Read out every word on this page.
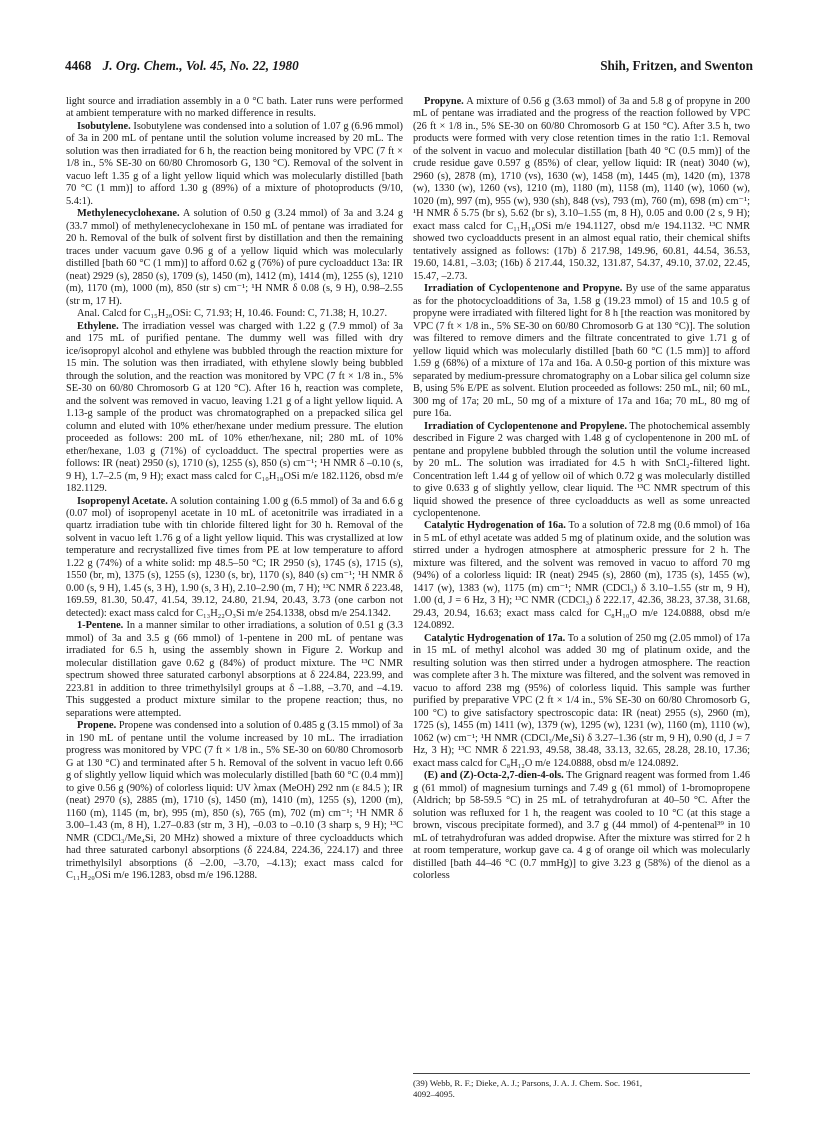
4468 J. Org. Chem., Vol. 45, No. 22, 1980	Shih, Fritzen, and Swenton

light source and irradiation assembly in a 0 °C bath. Later runs were performed at ambient temperature with no marked difference in results.

Isobutylene. Isobutylene was condensed into a solution of 1.07 g (6.96 mmol) of 3a in 200 mL of pentane until the solution volume increased by 20 mL. The solution was then irradiated for 6 h, the reaction being monitored by VPC (7 ft × 1/8 in., 5% SE-30 on 60/80 Chromosorb G, 130 °C). Removal of the solvent in vacuo left 1.35 g of a light yellow liquid which was molecularly distilled [bath 70 °C (1 mm)] to afford 1.30 g (89%) of a mixture of photoproducts (9/10, 5.4:1).

Methylenecyclohexane. A solution of 0.50 g (3.24 mmol) of 3a and 3.24 g (33.7 mmol) of methylenecyclohexane in 150 mL of pentane was irradiated for 20 h. Removal of the bulk of solvent first by distillation and then the remaining traces under vacuum gave 0.96 g of a yellow liquid which was molecularly distilled [bath 60 °C (1 mm)] to afford 0.62 g (76%) of pure cycloadduct 13a: IR (neat) 2929 (s), 2850 (s), 1709 (s), 1450 (m), 1412 (m), 1414 (m), 1255 (s), 1210 (m), 1170 (m), 1000 (m), 850 (str s) cm⁻¹; ¹H NMR δ 0.08 (s, 9 H), 0.98–2.55 (str m, 17 H).

Anal. Calcd for C₁₅H₂₆OSi: C, 71.93; H, 10.46. Found: C, 71.38; H, 10.27.

Ethylene. The irradiation vessel was charged with 1.22 g (7.9 mmol) of 3a and 175 mL of purified pentane. The dummy well was filled with dry ice/isopropyl alcohol and ethylene was bubbled through the reaction mixture for 15 min. The solution was then irradiated, with ethylene slowly being bubbled through the solution, and the reaction was monitored by VPC (7 ft × 1/8 in., 5% SE-30 on 60/80 Chromosorb G at 120 °C). After 16 h, reaction was complete, and the solvent was removed in vacuo, leaving 1.21 g of a light yellow liquid. A 1.13-g sample of the product was chromatographed on a prepacked silica gel column and eluted with 10% ether/hexane under medium pressure. The elution proceeded as follows: 200 mL of 10% ether/hexane, nil; 280 mL of 10% ether/hexane, 1.03 g (71%) of cycloadduct. The spectral properties were as follows: IR (neat) 2950 (s), 1710 (s), 1255 (s), 850 (s) cm⁻¹; ¹H NMR δ –0.10 (s, 9 H), 1.7–2.5 (m, 9 H); exact mass calcd for C₁₀H₁₈OSi m/e 182.1126, obsd m/e 182.1129.

Isopropenyl Acetate. A solution containing 1.00 g (6.5 mmol) of 3a and 6.6 g (0.07 mol) of isopropenyl acetate in 10 mL of acetonitrile was irradiated in a quartz irradiation tube with tin chloride filtered light for 30 h. Removal of the solvent in vacuo left 1.76 g of a light yellow liquid. This was crystallized at low temperature and recrystallized five times from PE at low temperature to afford 1.22 g (74%) of a white solid: mp 48.5–50 °C; IR 2950 (s), 1745 (s), 1715 (s), 1550 (br, m), 1375 (s), 1255 (s), 1230 (s, br), 1170 (s), 840 (s) cm⁻¹; ¹H NMR δ 0.00 (s, 9 H), 1.45 (s, 3 H), 1.90 (s, 3 H), 2.10–2.90 (m, 7 H); ¹³C NMR δ 223.48, 169.59, 81.30, 50.47, 41.54, 39.12, 24.80, 21.94, 20.43, 3.73 (one carbon not detected): exact mass calcd for C₁₃H₂₂O₃Si m/e 254.1338, obsd m/e 254.1342.

1-Pentene. In a manner similar to other irradiations, a solution of 0.51 g (3.3 mmol) of 3a and 3.5 g (66 mmol) of 1-pentene in 200 mL of pentane was irradiated for 6.5 h, using the assembly shown in Figure 2. Workup and molecular distillation gave 0.62 g (84%) of product mixture. The ¹³C NMR spectrum showed three saturated carbonyl absorptions at δ 224.84, 223.99, and 223.81 in addition to three trimethylsilyl groups at δ –1.88, –3.70, and –4.19. This suggested a product mixture similar to the propene reaction; thus, no separations were attempted.

Propene. Propene was condensed into a solution of 0.485 g (3.15 mmol) of 3a in 190 mL of pentane until the volume increased by 10 mL. The irradiation progress was monitored by VPC (7 ft × 1/8 in., 5% SE-30 on 60/80 Chromosorb G at 130 °C) and terminated after 5 h. Removal of the solvent in vacuo left 0.66 g of slightly yellow liquid which was molecularly distilled [bath 60 °C (0.4 mm)] to give 0.56 g (90%) of colorless liquid: UV λmax (MeOH) 292 nm (ε 84.5 ); IR (neat) 2970 (s), 2885 (m), 1710 (s), 1450 (m), 1410 (m), 1255 (s), 1200 (m), 1160 (m), 1145 (m, br), 995 (m), 850 (s), 765 (m), 702 (m) cm⁻¹; ¹H NMR δ 3.00–1.43 (m, 8 H), 1.27–0.83 (str m, 3 H), –0.03 to –0.10 (3 sharp s, 9 H); ¹³C NMR (CDCl₃/Me₄Si, 20 MHz) showed a mixture of three cycloadducts which had three saturated carbonyl absorptions (δ 224.84, 224.36, 224.17) and three trimethylsilyl absorptions (δ –2.00, –3.70, –4.13); exact mass calcd for C₁₁H₂₀OSi m/e 196.1283, obsd m/e 196.1288.

Propyne. A mixture of 0.56 g (3.63 mmol) of 3a and 5.8 g of propyne in 200 mL of pentane was irradiated and the progress of the reaction followed by VPC (26 ft × 1/8 in., 5% SE-30 on 60/80 Chromosorb G at 150 °C). After 3.5 h, two products were formed with very close retention times in the ratio 1:1. Removal of the solvent in vacuo and molecular distillation [bath 40 °C (0.5 mm)] of the crude residue gave 0.597 g (85%) of clear, yellow liquid: IR (neat) 3040 (w), 2960 (s), 2878 (m), 1710 (vs), 1630 (w), 1458 (m), 1445 (m), 1420 (m), 1378 (w), 1330 (w), 1260 (vs), 1210 (m), 1180 (m), 1158 (m), 1140 (w), 1060 (w), 1020 (m), 997 (m), 955 (w), 930 (sh), 848 (vs), 793 (m), 760 (m), 698 (m) cm⁻¹; ¹H NMR δ 5.75 (br s), 5.62 (br s), 3.10–1.55 (m, 8 H), 0.05 and 0.00 (2 s, 9 H); exact mass calcd for C₁₁H₁₈OSi m/e 194.1127, obsd m/e 194.1132. ¹³C NMR showed two cycloadducts present in an almost equal ratio, their chemical shifts tentatively assigned as follows: (17b) δ 217.98, 149.96, 60.81, 44.54, 36.53, 19.60, 14.81, –3.03; (16b) δ 217.44, 150.32, 131.87, 54.37, 49.10, 37.02, 22.45, 15.47, –2.73.

Irradiation of Cyclopentenone and Propyne. By use of the same apparatus as for the photocycloadditions of 3a, 1.58 g (19.23 mmol) of 15 and 10.5 g of propyne were irradiated with filtered light for 8 h [the reaction was monitored by VPC (7 ft × 1/8 in., 5% SE-30 on 60/80 Chromosorb G at 130 °C)]. The solution was filtered to remove dimers and the filtrate concentrated to give 1.71 g of yellow liquid which was molecularly distilled [bath 60 °C (1.5 mm)] to afford 1.59 g (68%) of a mixture of 17a and 16a. A 0.50-g portion of this mixture was separated by medium-pressure chromatography on a Lobar silica gel column size B, using 5% E/PE as solvent. Elution proceeded as follows: 250 mL, nil; 60 mL, 300 mg of 17a; 20 mL, 50 mg of a mixture of 17a and 16a; 70 mL, 80 mg of pure 16a.

Irradiation of Cyclopentenone and Propylene. The photochemical assembly described in Figure 2 was charged with 1.48 g of cyclopentenone in 200 mL of pentane and propylene bubbled through the solution until the volume increased by 20 mL. The solution was irradiated for 4.5 h with SnCl₂-filtered light. Concentration left 1.44 g of yellow oil of which 0.72 g was molecularly distilled to give 0.633 g of slightly yellow, clear liquid. The ¹³C NMR spectrum of this liquid showed the presence of three cycloadducts as well as some unreacted cyclopentenone.

Catalytic Hydrogenation of 16a. To a solution of 72.8 mg (0.6 mmol) of 16a in 5 mL of ethyl acetate was added 5 mg of platinum oxide, and the solution was stirred under a hydrogen atmosphere at atmospheric pressure for 2 h. The mixture was filtered, and the solvent was removed in vacuo to afford 70 mg (94%) of a colorless liquid: IR (neat) 2945 (s), 2860 (m), 1735 (s), 1455 (w), 1417 (w), 1383 (w), 1175 (m) cm⁻¹; NMR (CDCl₃) δ 3.10–1.55 (str m, 9 H), 1.00 (d, J = 6 Hz, 3 H); ¹³C NMR (CDCl₃) δ 222.17, 42.36, 38.23, 37.38, 31.68, 29.43, 20.94, 16.63; exact mass calcd for C₈H₁₀O m/e 124.0888, obsd m/e 124.0892.

Catalytic Hydrogenation of 17a. To a solution of 250 mg (2.05 mmol) of 17a in 15 mL of methyl alcohol was added 30 mg of platinum oxide, and the resulting solution was then stirred under a hydrogen atmosphere. The reaction was complete after 3 h. The mixture was filtered, and the solvent was removed in vacuo to afford 238 mg (95%) of colorless liquid. This sample was further purified by preparative VPC (2 ft × 1/4 in., 5% SE-30 on 60/80 Chromosorb G, 100 °C) to give satisfactory spectroscopic data: IR (neat) 2955 (s), 2960 (m), 1725 (s), 1455 (m) 1411 (w), 1379 (w), 1295 (w), 1231 (w), 1160 (m), 1110 (w), 1062 (w) cm⁻¹; ¹H NMR (CDCl₃/Me₄Si) δ 3.27–1.36 (str m, 9 H), 0.90 (d, J = 7 Hz, 3 H); ¹³C NMR δ 221.93, 49.58, 38.48, 33.13, 32.65, 28.28, 28.10, 17.36; exact mass calcd for C₈H₁₂O m/e 124.0888, obsd m/e 124.0892.

(E) and (Z)-Octa-2,7-dien-4-ols. The Grignard reagent was formed from 1.46 g (61 mmol) of magnesium turnings and 7.49 g (61 mmol) of 1-bromopropene (Aldrich; bp 58-59.5 °C) in 25 mL of tetrahydrofuran at 40–50 °C. After the solution was refluxed for 1 h, the reagent was cooled to 10 °C (at this stage a brown, viscous precipitate formed), and 3.7 g (44 mmol) of 4-pentenal³⁹ in 10 mL of tetrahydrofuran was added dropwise. After the mixture was stirred for 2 h at room temperature, workup gave ca. 4 g of orange oil which was molecularly distilled [bath 44–46 °C (0.7 mmHg)] to give 3.23 g (58%) of the dienol as a colorless

(39) Webb, R. F.; Dieke, A. J.; Parsons, J. A. J. Chem. Soc. 1961,
4092–4095.
